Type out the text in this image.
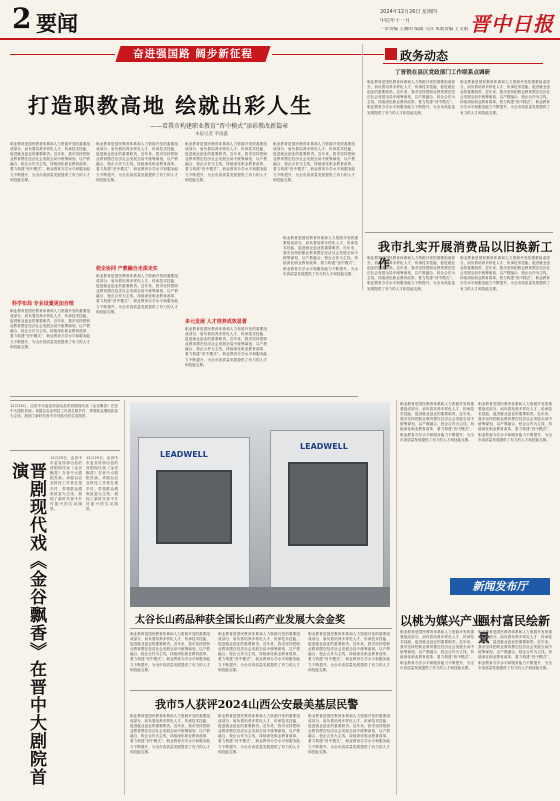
2 要闻	2024年12月26日 星期四
甲辰年十一月
一审责编 王翼明 编辑 马洋 本版责编 王文娟 晋中日报
奋进强国路 阔步新征程
打造职教高地 绘就出彩人生
——看我市构建职业教育“晋中模式”添彩教改新篇章
本报记者 李雨鑫
职业教育是国民教育体系和人力资源开发的重要组成部分，肩负着培养多样化人才、传承技术技能、促进就业创业的重要职责。近年来，我市坚持把职业教育摆在经济社会发展全局中统筹谋划，以产教融合、校企合作为主线，持续深化职业教育改革，着力构建“晋中模式”，职业教育办学水平和服务能力不断提升，为全市高质量发展提供了有力的人才和技能支撑。
科学布局 专业设置更加合理
职业教育是国民教育体系和人力资源开发的重要组成部分，肩负着培养多样化人才、传承技术技能、促进就业创业的重要职责。近年来，我市坚持把职业教育摆在经济社会发展全局中统筹谋划，以产教融合、校企合作为主线，持续深化职业教育改革，着力构建“晋中模式”，职业教育办学水平和服务能力不断提升，为全市高质量发展提供了有力的人才和技能支撑。
职业教育是国民教育体系和人力资源开发的重要组成部分，肩负着培养多样化人才、传承技术技能、促进就业创业的重要职责。近年来，我市坚持把职业教育摆在经济社会发展全局中统筹谋划，以产教融合、校企合作为主线，持续深化职业教育改革，着力构建“晋中模式”，职业教育办学水平和服务能力不断提升，为全市高质量发展提供了有力的人才和技能支撑。
校企协同 产教融合走深走实
职业教育是国民教育体系和人力资源开发的重要组成部分，肩负着培养多样化人才、传承技术技能、促进就业创业的重要职责。近年来，我市坚持把职业教育摆在经济社会发展全局中统筹谋划，以产教融合、校企合作为主线，持续深化职业教育改革，着力构建“晋中模式”，职业教育办学水平和服务能力不断提升，为全市高质量发展提供了有力的人才和技能支撑。
职业教育是国民教育体系和人力资源开发的重要组成部分，肩负着培养多样化人才、传承技术技能、促进就业创业的重要职责。近年来，我市坚持把职业教育摆在经济社会发展全局中统筹谋划，以产教融合、校企合作为主线，持续深化职业教育改革，着力构建“晋中模式”，职业教育办学水平和服务能力不断提升，为全市高质量发展提供了有力的人才和技能支撑。
多元发展 人才培养成效显著
职业教育是国民教育体系和人力资源开发的重要组成部分，肩负着培养多样化人才、传承技术技能、促进就业创业的重要职责。近年来，我市坚持把职业教育摆在经济社会发展全局中统筹谋划，以产教融合、校企合作为主线，持续深化职业教育改革，着力构建“晋中模式”，职业教育办学水平和服务能力不断提升，为全市高质量发展提供了有力的人才和技能支撑。
职业教育是国民教育体系和人力资源开发的重要组成部分，肩负着培养多样化人才、传承技术技能、促进就业创业的重要职责。近年来，我市坚持把职业教育摆在经济社会发展全局中统筹谋划，以产教融合、校企合作为主线，持续深化职业教育改革，着力构建“晋中模式”，职业教育办学水平和服务能力不断提升，为全市高质量发展提供了有力的人才和技能支撑。
政务动态
丁晋铁在县区党政部门工作联系点调研
职业教育是国民教育体系和人力资源开发的重要组成部分，肩负着培养多样化人才、传承技术技能、促进就业创业的重要职责。近年来，我市坚持把职业教育摆在经济社会发展全局中统筹谋划，以产教融合、校企合作为主线，持续深化职业教育改革，着力构建“晋中模式”，职业教育办学水平和服务能力不断提升，为全市高质量发展提供了有力的人才和技能支撑。
职业教育是国民教育体系和人力资源开发的重要组成部分，肩负着培养多样化人才、传承技术技能、促进就业创业的重要职责。近年来，我市坚持把职业教育摆在经济社会发展全局中统筹谋划，以产教融合、校企合作为主线，持续深化职业教育改革，着力构建“晋中模式”，职业教育办学水平和服务能力不断提升，为全市高质量发展提供了有力的人才和技能支撑。
我市扎实开展消费品以旧换新工作
职业教育是国民教育体系和人力资源开发的重要组成部分，肩负着培养多样化人才、传承技术技能、促进就业创业的重要职责。近年来，我市坚持把职业教育摆在经济社会发展全局中统筹谋划，以产教融合、校企合作为主线，持续深化职业教育改革，着力构建“晋中模式”，职业教育办学水平和服务能力不断提升，为全市高质量发展提供了有力的人才和技能支撑。
职业教育是国民教育体系和人力资源开发的重要组成部分，肩负着培养多样化人才、传承技术技能、促进就业创业的重要职责。近年来，我市坚持把职业教育摆在经济社会发展全局中统筹谋划，以产教融合、校企合作为主线，持续深化职业教育改革，着力构建“晋中模式”，职业教育办学水平和服务能力不断提升，为全市高质量发展提供了有力的人才和技能支撑。
职业教育是国民教育体系和人力资源开发的重要组成部分，肩负着培养多样化人才、传承技术技能、促进就业创业的重要职责。近年来，我市坚持把职业教育摆在经济社会发展全局中统筹谋划，以产教融合、校企合作为主线，持续深化职业教育改革，着力构建“晋中模式”，职业教育办学水平和服务能力不断提升，为全市高质量发展提供了有力的人才和技能支撑。
12月25日，由晋中市委宣传部出品的晋剧现代戏《金谷飘香》在晋中大剧院首演。该剧以农业科技工作者扎根乡村、带领群众增收致富为主线，展现了新时代晋中乡村振兴的生动图景。
晋剧现代戏《金谷飘香》在晋中大剧院首演
12月25日，由晋中市委宣传部出品的晋剧现代戏《金谷飘香》在晋中大剧院首演。该剧以农业科技工作者扎根乡村、带领群众增收致富为主线，展现了新时代晋中乡村振兴的生动图景。
12月25日，由晋中市委宣传部出品的晋剧现代戏《金谷飘香》在晋中大剧院首演。该剧以农业科技工作者扎根乡村、带领群众增收致富为主线，展现了新时代晋中乡村振兴的生动图景。
LEADWELL
LEADWELL
太谷长山药品种获全国长山药产业发展大会金奖
职业教育是国民教育体系和人力资源开发的重要组成部分，肩负着培养多样化人才、传承技术技能、促进就业创业的重要职责。近年来，我市坚持把职业教育摆在经济社会发展全局中统筹谋划，以产教融合、校企合作为主线，持续深化职业教育改革，着力构建“晋中模式”，职业教育办学水平和服务能力不断提升，为全市高质量发展提供了有力的人才和技能支撑。
职业教育是国民教育体系和人力资源开发的重要组成部分，肩负着培养多样化人才、传承技术技能、促进就业创业的重要职责。近年来，我市坚持把职业教育摆在经济社会发展全局中统筹谋划，以产教融合、校企合作为主线，持续深化职业教育改革，着力构建“晋中模式”，职业教育办学水平和服务能力不断提升，为全市高质量发展提供了有力的人才和技能支撑。
职业教育是国民教育体系和人力资源开发的重要组成部分，肩负着培养多样化人才、传承技术技能、促进就业创业的重要职责。近年来，我市坚持把职业教育摆在经济社会发展全局中统筹谋划，以产教融合、校企合作为主线，持续深化职业教育改革，着力构建“晋中模式”，职业教育办学水平和服务能力不断提升，为全市高质量发展提供了有力的人才和技能支撑。
我市5人获评2024山西公安最美基层民警
职业教育是国民教育体系和人力资源开发的重要组成部分，肩负着培养多样化人才、传承技术技能、促进就业创业的重要职责。近年来，我市坚持把职业教育摆在经济社会发展全局中统筹谋划，以产教融合、校企合作为主线，持续深化职业教育改革，着力构建“晋中模式”，职业教育办学水平和服务能力不断提升，为全市高质量发展提供了有力的人才和技能支撑。
职业教育是国民教育体系和人力资源开发的重要组成部分，肩负着培养多样化人才、传承技术技能、促进就业创业的重要职责。近年来，我市坚持把职业教育摆在经济社会发展全局中统筹谋划，以产教融合、校企合作为主线，持续深化职业教育改革，着力构建“晋中模式”，职业教育办学水平和服务能力不断提升，为全市高质量发展提供了有力的人才和技能支撑。
职业教育是国民教育体系和人力资源开发的重要组成部分，肩负着培养多样化人才、传承技术技能、促进就业创业的重要职责。近年来，我市坚持把职业教育摆在经济社会发展全局中统筹谋划，以产教融合、校企合作为主线，持续深化职业教育改革，着力构建“晋中模式”，职业教育办学水平和服务能力不断提升，为全市高质量发展提供了有力的人才和技能支撑。
职业教育是国民教育体系和人力资源开发的重要组成部分，肩负着培养多样化人才、传承技术技能、促进就业创业的重要职责。近年来，我市坚持把职业教育摆在经济社会发展全局中统筹谋划，以产教融合、校企合作为主线，持续深化职业教育改革，着力构建“晋中模式”，职业教育办学水平和服务能力不断提升，为全市高质量发展提供了有力的人才和技能支撑。
职业教育是国民教育体系和人力资源开发的重要组成部分，肩负着培养多样化人才、传承技术技能、促进就业创业的重要职责。近年来，我市坚持把职业教育摆在经济社会发展全局中统筹谋划，以产教融合、校企合作为主线，持续深化职业教育改革，着力构建“晋中模式”，职业教育办学水平和服务能力不断提升，为全市高质量发展提供了有力的人才和技能支撑。
新闻发布厅
以桃为媒兴产业
强村富民绘新景
职业教育是国民教育体系和人力资源开发的重要组成部分，肩负着培养多样化人才、传承技术技能、促进就业创业的重要职责。近年来，我市坚持把职业教育摆在经济社会发展全局中统筹谋划，以产教融合、校企合作为主线，持续深化职业教育改革，着力构建“晋中模式”，职业教育办学水平和服务能力不断提升，为全市高质量发展提供了有力的人才和技能支撑。
职业教育是国民教育体系和人力资源开发的重要组成部分，肩负着培养多样化人才、传承技术技能、促进就业创业的重要职责。近年来，我市坚持把职业教育摆在经济社会发展全局中统筹谋划，以产教融合、校企合作为主线，持续深化职业教育改革，着力构建“晋中模式”，职业教育办学水平和服务能力不断提升，为全市高质量发展提供了有力的人才和技能支撑。
